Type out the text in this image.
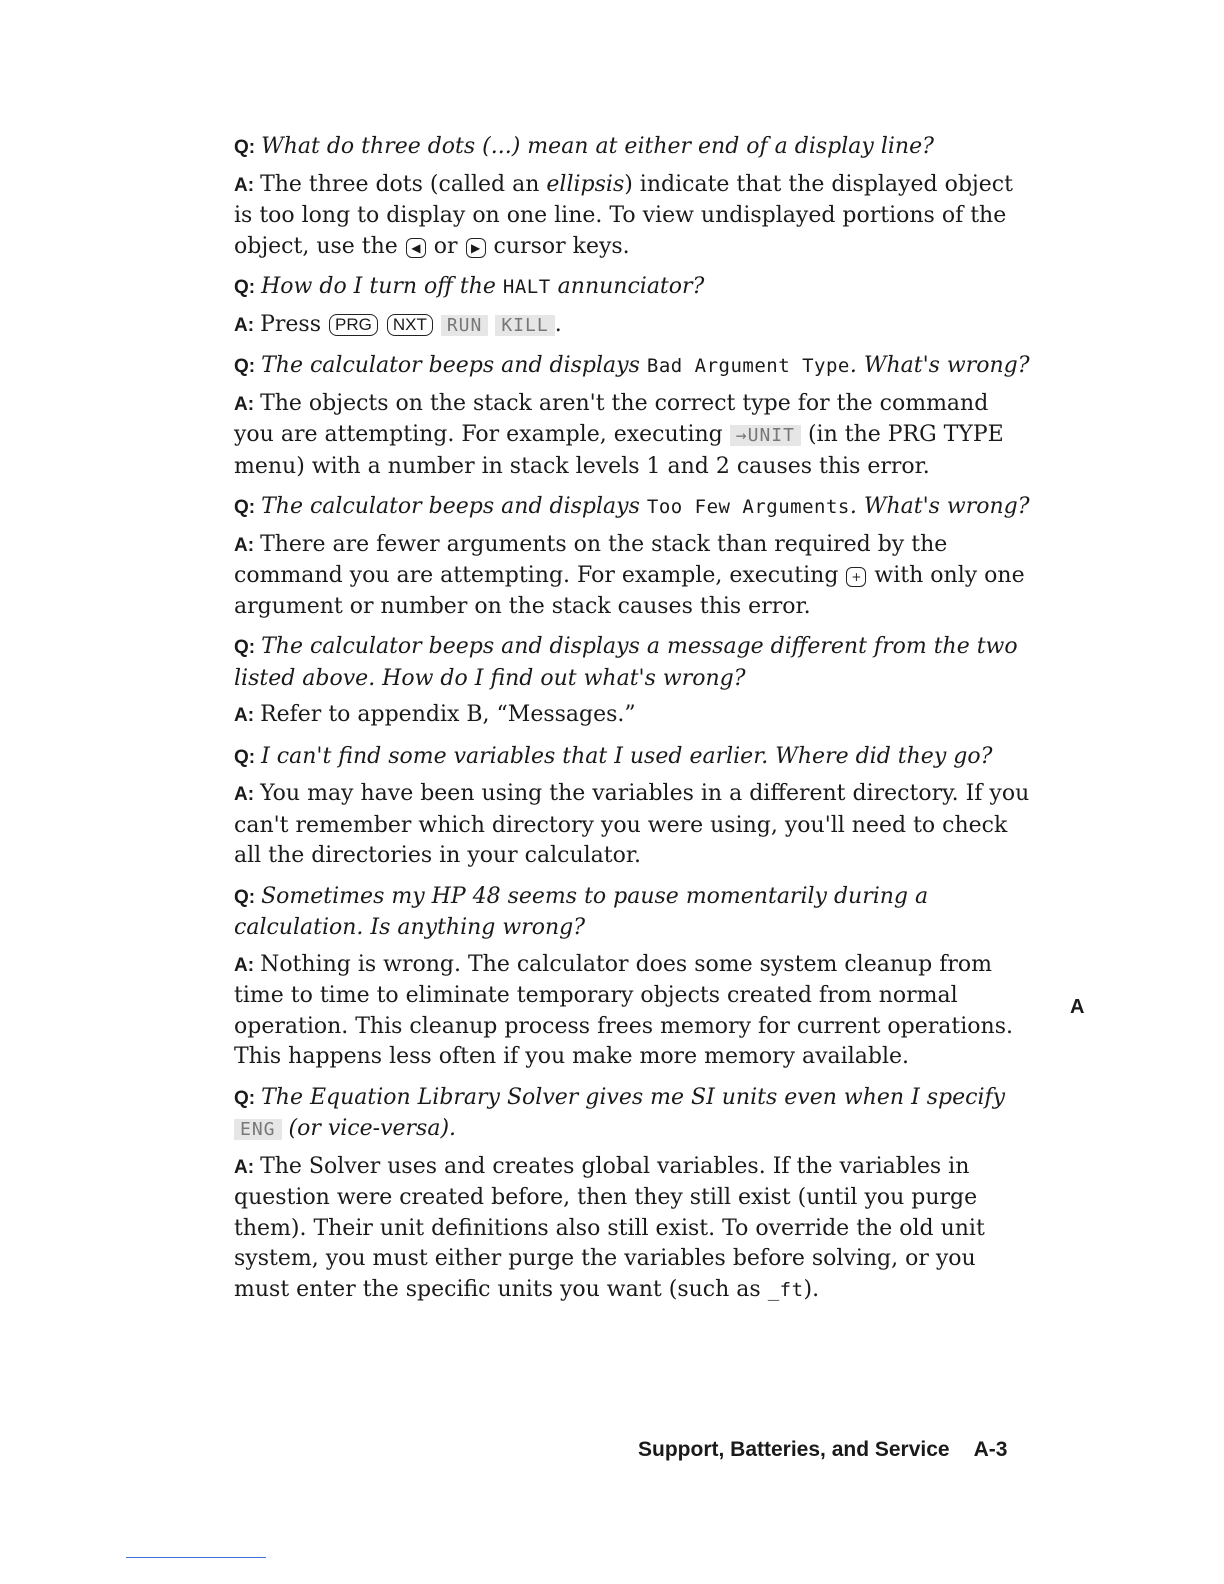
Q: What do three dots (...) mean at either end of a display line?

A: The three dots (called an ellipsis) indicate that the displayed object is too long to display on one line. To view undisplayed portions of the object, use the ◀ or ▶ cursor keys.

Q: How do I turn off the HALT annunciator?

A: Press PRG NXT RUN KILL .

Q: The calculator beeps and displays Bad Argument Type. What's wrong?

A: The objects on the stack aren't the correct type for the command you are attempting. For example, executing →UNIT (in the PRG TYPE menu) with a number in stack levels 1 and 2 causes this error.

Q: The calculator beeps and displays Too Few Arguments. What's wrong?

A: There are fewer arguments on the stack than required by the command you are attempting. For example, executing + with only one argument or number on the stack causes this error.

Q: The calculator beeps and displays a message different from the two listed above. How do I find out what's wrong?

A: Refer to appendix B, “Messages.”

Q: I can't find some variables that I used earlier. Where did they go?

A: You may have been using the variables in a different directory. If you can't remember which directory you were using, you'll need to check all the directories in your calculator.

Q: Sometimes my HP 48 seems to pause momentarily during a calculation. Is anything wrong?

A: Nothing is wrong. The calculator does some system cleanup from time to time to eliminate temporary objects created from normal operation. This cleanup process frees memory for current operations. This happens less often if you make more memory available.

Q: The Equation Library Solver gives me SI units even when I specify ENG (or vice-versa).

A: The Solver uses and creates global variables. If the variables in question were created before, then they still exist (until you purge them). Their unit definitions also still exist. To override the old unit system, you must either purge the variables before solving, or you must enter the specific units you want (such as _ft).

A
Support, Batteries, and Service A-3
